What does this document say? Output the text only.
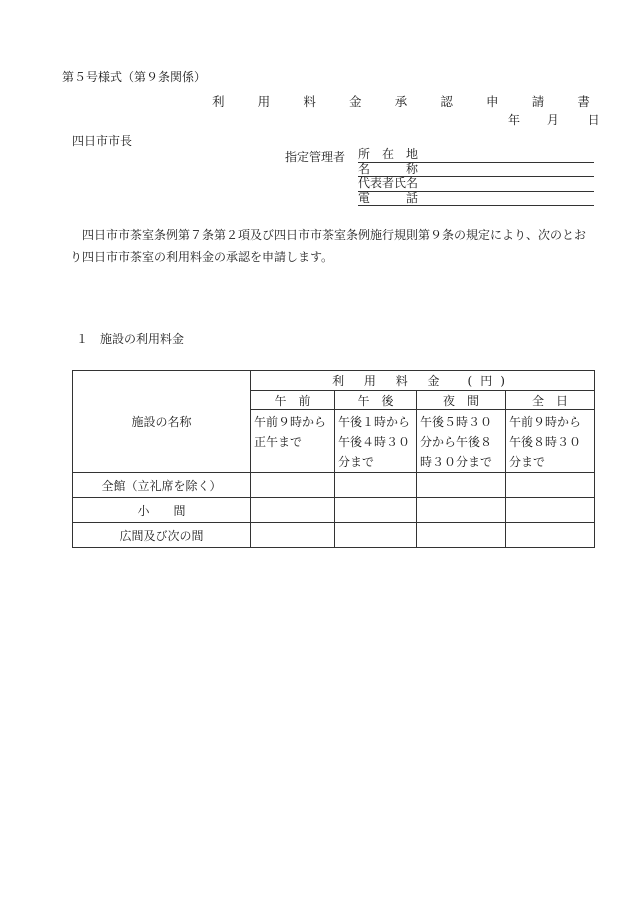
第５号様式（第９条関係）
利 用 料 金 承 認 申 請 書
年 月 日
四日市市長
指定管理者 所　在　地
名　　　称
代表者氏名
電　　　話
四日市市茶室条例第７条第２項及び四日市市茶室条例施行規則第９条の規定により、次のとおり四日市市茶室の利用料金の承認を申請します。
１　施設の利用料金
施設の名称	利 用 料 金　(円)			
	午　前	午　後	夜　間	全　日
	午前９時から正午まで	午後１時から午後４時３０分まで	午後５時３０分から午後８時３０分まで	午前９時から午後８時３０分まで
全館（立礼席を除く）				
小　　間				
広間及び次の間				
